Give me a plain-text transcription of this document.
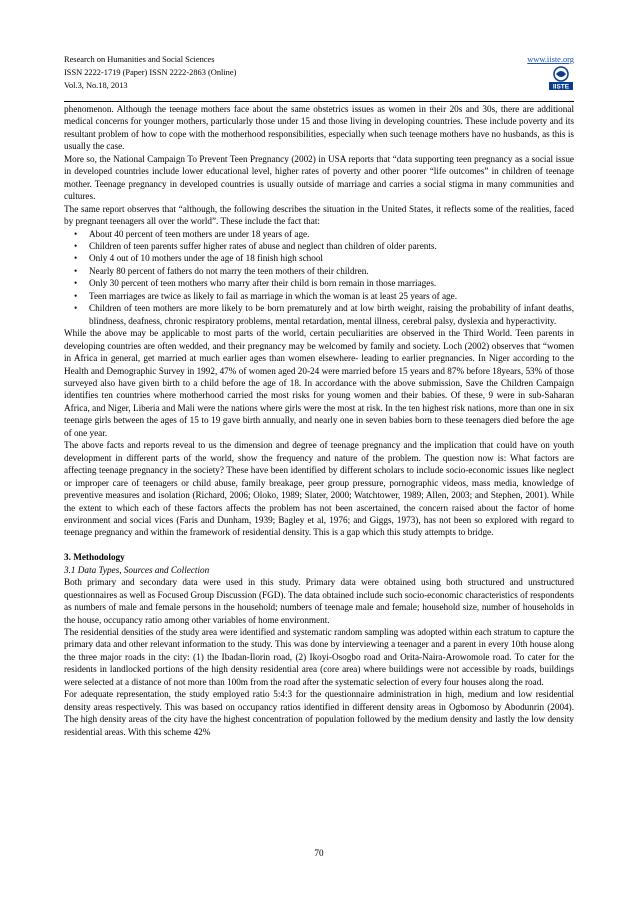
Research on Humanities and Social Sciences
ISSN 2222-1719 (Paper) ISSN 2222-2863 (Online)
Vol.3, No.18, 2013
www.iiste.org
IISTE

phenomenon. Although the teenage mothers face about the same obstetrics issues as women in their 20s and 30s, there are additional medical concerns for younger mothers, particularly those under 15 and those living in developing countries. These include poverty and its resultant problem of how to cope with the motherhood responsibilities, especially when such teenage mothers have no husbands, as this is usually the case.

More so, the National Campaign To Prevent Teen Pregnancy (2002) in USA reports that “data supporting teen pregnancy as a social issue in developed countries include lower educational level, higher rates of poverty and other poorer “life outcomes” in children of teenage mother. Teenage pregnancy in developed countries is usually outside of marriage and carries a social stigma in many communities and cultures.

The same report observes that “although, the following describes the situation in the United States, it reflects some of the realities, faced by pregnant teenagers all over the world”. These include the fact that:

• About 40 percent of teen mothers are under 18 years of age.
• Children of teen parents suffer higher rates of abuse and neglect than children of older parents.
• Only 4 out of 10 mothers under the age of 18 finish high school
• Nearly 80 percent of fathers do not marry the teen mothers of their children.
• Only 30 percent of teen mothers who marry after their child is born remain in those marriages.
• Teen marriages are twice as likely to fail as marriage in which the woman is at least 25 years of age.
• Children of teen mothers are more likely to be born prematurely and at low birth weight, raising the probability of infant deaths, blindness, deafness, chronic respiratory problems, mental retardation, mental illness, cerebral palsy, dyslexia and hyperactivity.

While the above may be applicable to most parts of the world, certain peculiarities are observed in the Third World. Teen parents in developing countries are often wedded, and their pregnancy may be welcomed by family and society. Loch (2002) observes that “women in Africa in general, get married at much earlier ages than women elsewhere- leading to earlier pregnancies. In Niger according to the Health and Demographic Survey in 1992, 47% of women aged 20-24 were married before 15 years and 87% before 18years, 53% of those surveyed also have given birth to a child before the age of 18. In accordance with the above submission, Save the Children Campaign identifies ten countries where motherhood carried the most risks for young women and their babies. Of these, 9 were in sub-Saharan Africa, and Niger, Liberia and Mali were the nations where girls were the most at risk. In the ten highest risk nations, more than one in six teenage girls between the ages of 15 to 19 gave birth annually, and nearly one in seven babies born to these teenagers died before the age of one year.

The above facts and reports reveal to us the dimension and degree of teenage pregnancy and the implication that could have on youth development in different parts of the world, show the frequency and nature of the problem. The question now is: What factors are affecting teenage pregnancy in the society? These have been identified by different scholars to include socio-economic issues like neglect or improper care of teenagers or child abuse, family breakage, peer group pressure, pornographic videos, mass media, knowledge of preventive measures and isolation (Richard, 2006; Oloko, 1989; Slater, 2000; Watchtower, 1989; Allen, 2003; and Stephen, 2001). While the extent to which each of these factors affects the problem has not been ascertained, the concern raised about the factor of home environment and social vices (Faris and Dunham, 1939; Bagley et al, 1976; and Giggs, 1973), has not been so explored with regard to teenage pregnancy and within the framework of residential density. This is a gap which this study attempts to bridge.

3. Methodology

3.1 Data Types, Sources and Collection

Both primary and secondary data were used in this study. Primary data were obtained using both structured and unstructured questionnaires as well as Focused Group Discussion (FGD). The data obtained include such socio-economic characteristics of respondents as numbers of male and female persons in the household; numbers of teenage male and female; household size, number of households in the house, occupancy ratio among other variables of home environment.

The residential densities of the study area were identified and systematic random sampling was adopted within each stratum to capture the primary data and other relevant information to the study. This was done by interviewing a teenager and a parent in every 10th house along the three major roads in the city: (1) the Ibadan-Ilorin road, (2) Ikoyi-Osogbo road and Orita-Naira-Arowomole road. To cater for the residents in landlocked portions of the high density residential area (core area) where buildings were not accessible by roads, buildings were selected at a distance of not more than 100m from the road after the systematic selection of every four houses along the road.

For adequate representation, the study employed ratio 5:4:3 for the questionnaire administration in high, medium and low residential density areas respectively. This was based on occupancy ratios identified in different density areas in Ogbomoso by Abodunrin (2004). The high density areas of the city have the highest concentration of population followed by the medium density and lastly the low density residential areas. With this scheme 42%

70
